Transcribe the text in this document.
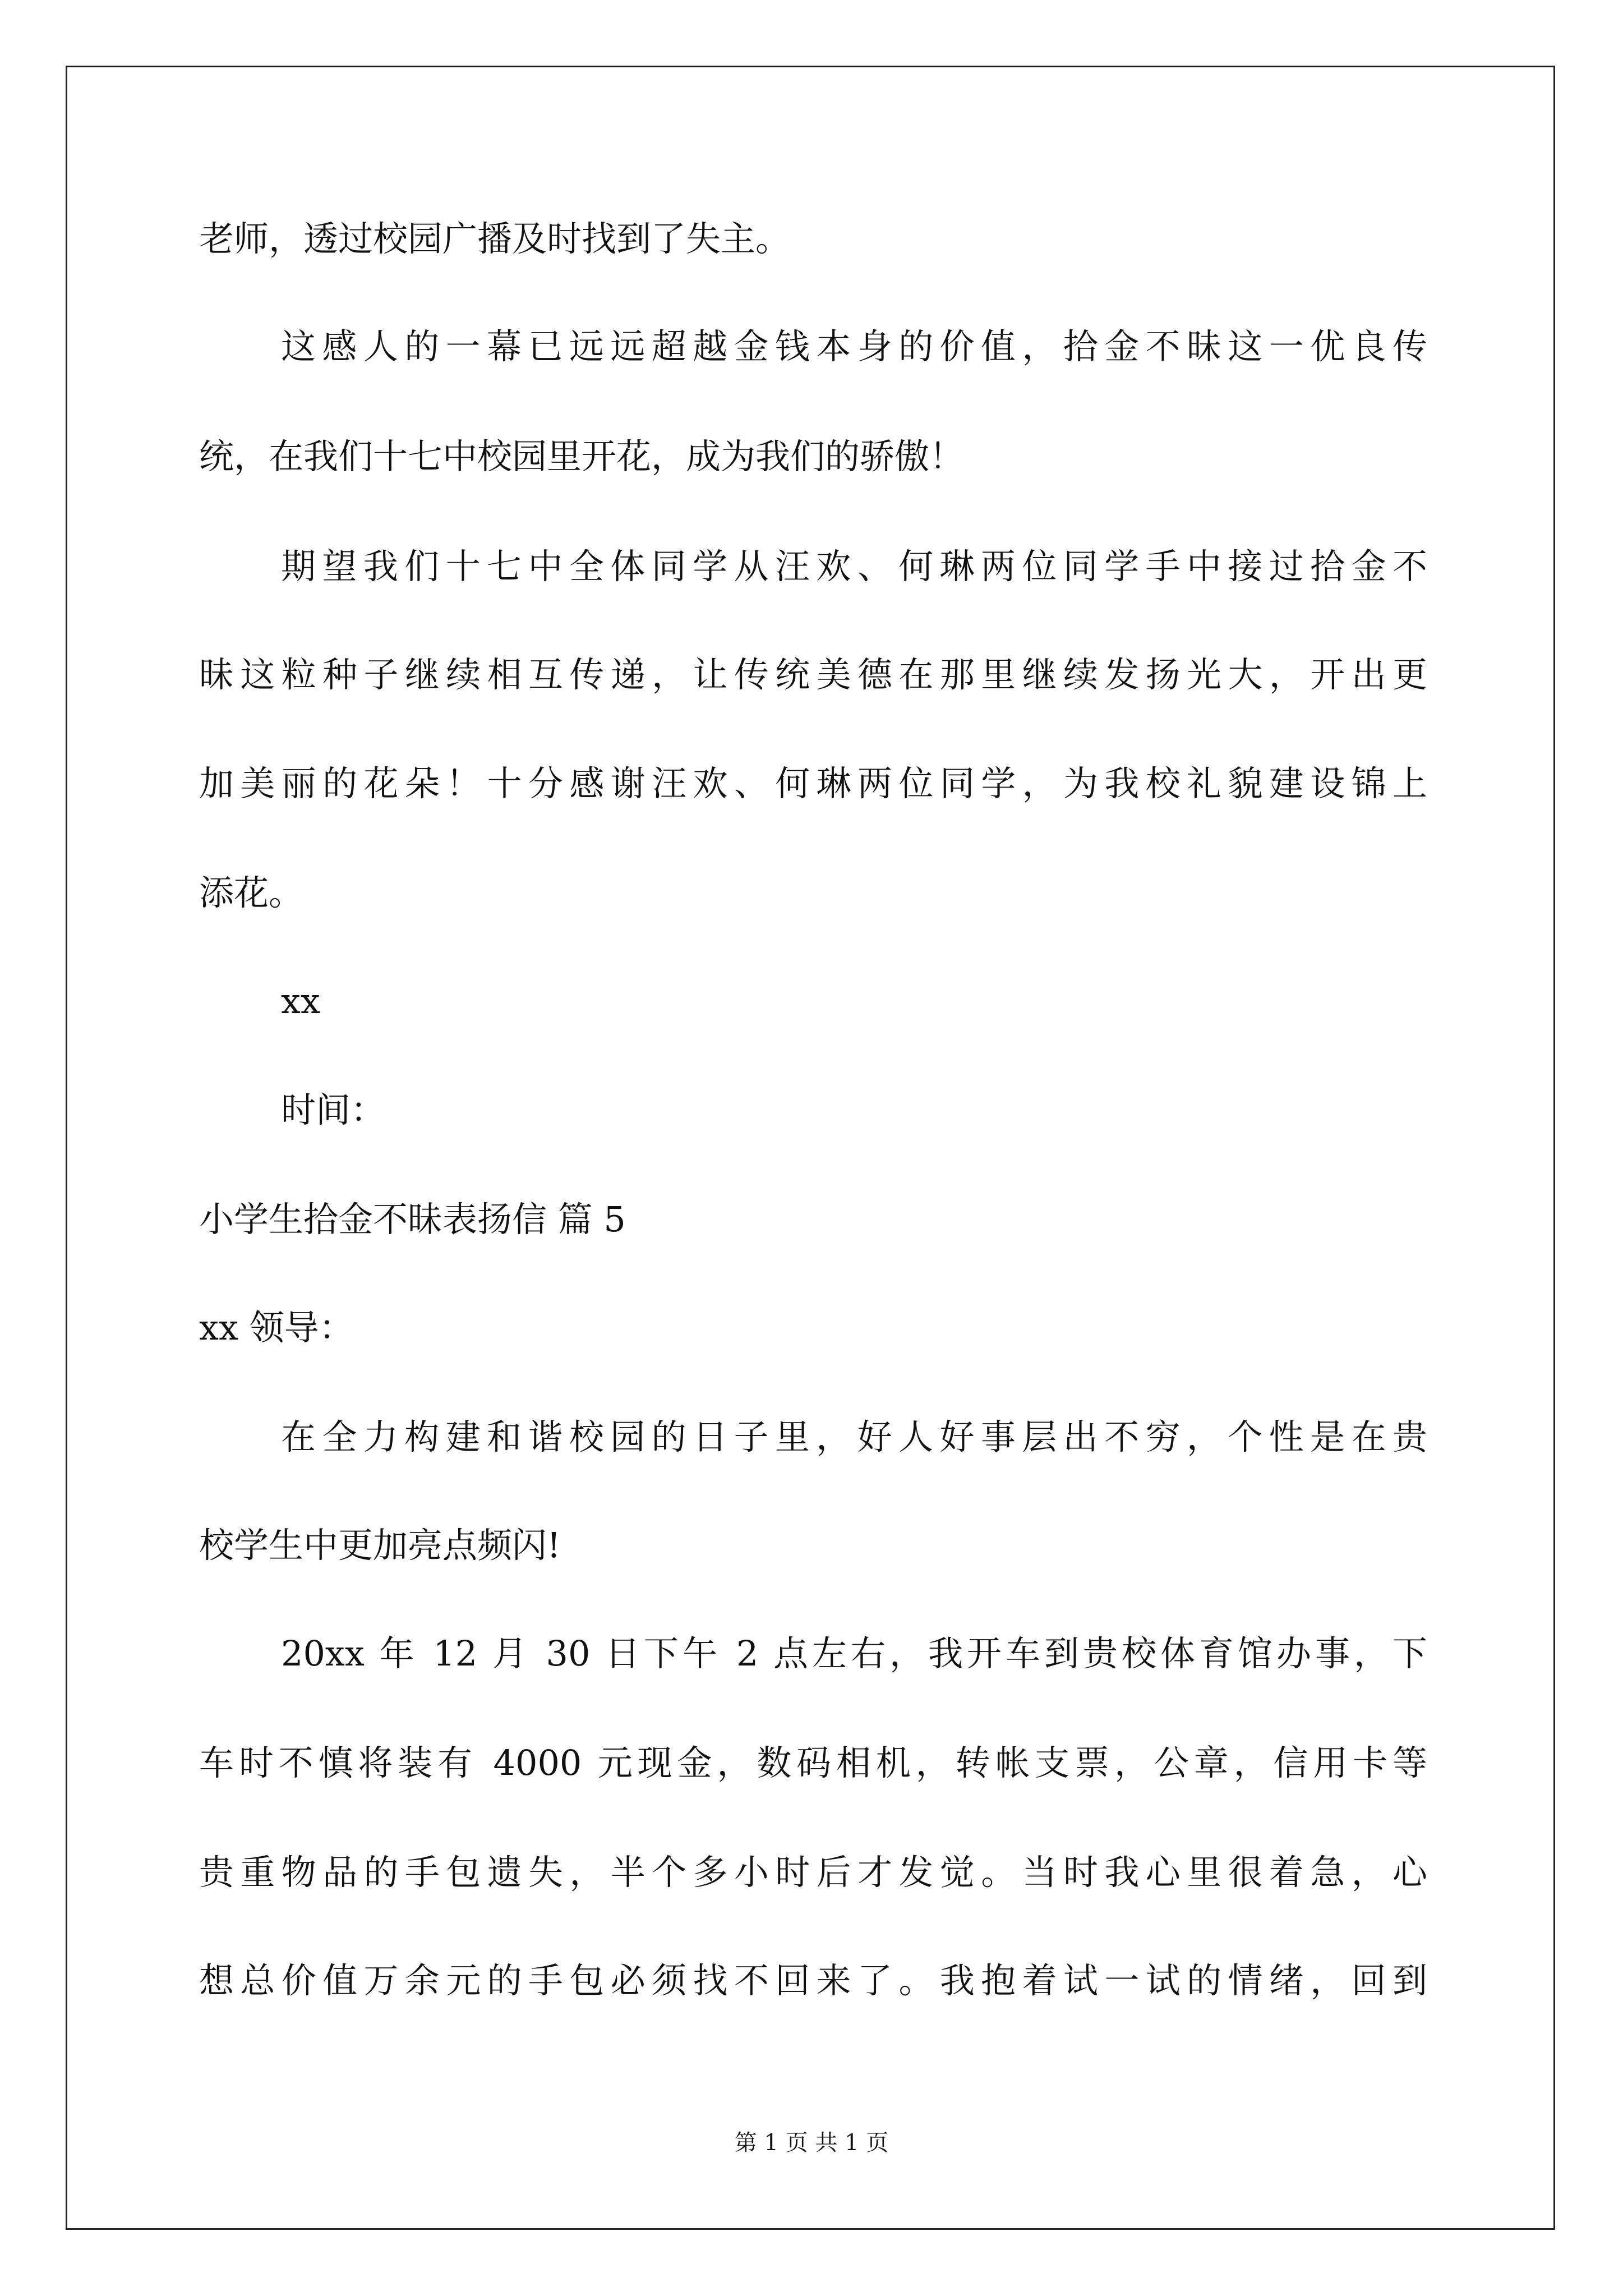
老师，透过校园广播及时找到了失主。
这感人的一幕已远远超越金钱本身的价值，拾金不昧这一优良传
统，在我们十七中校园里开花，成为我们的骄傲！
期望我们十七中全体同学从汪欢、何琳两位同学手中接过拾金不
昧这粒种子继续相互传递，让传统美德在那里继续发扬光大，开出更
加美丽的花朵！十分感谢汪欢、何琳两位同学，为我校礼貌建设锦上
添花。
xx
时间：
小学生拾金不昧表扬信 篇 5
xx 领导：
在全力构建和谐校园的日子里，好人好事层出不穷，个性是在贵
校学生中更加亮点频闪!
20xx 年 12 月 30 日下午 2 点左右，我开车到贵校体育馆办事，下
车时不慎将装有 4000 元现金，数码相机，转帐支票，公章，信用卡等
贵重物品的手包遗失，半个多小时后才发觉。当时我心里很着急，心
想总价值万余元的手包必须找不回来了。我抱着试一试的情绪，回到
第 1 页 共 1 页
